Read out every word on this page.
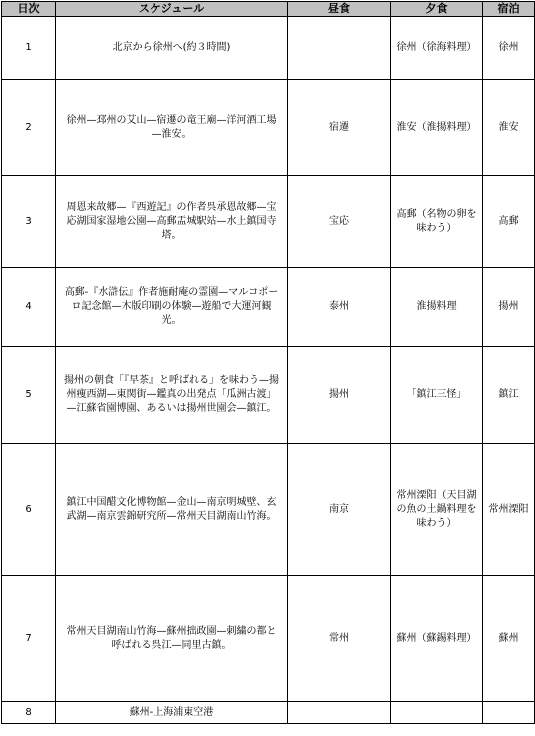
日次	スケジュール	昼食	夕食	宿泊
1	北京から徐州へ(約３時間)		徐州（徐海料理）	徐州
2	徐州—邳州の艾山—宿遷の竜王廟—洋河酒工場—淮安。	宿遷	淮安（淮揚料理）	淮安
3	周恩来故郷—『西遊記』の作者呉承恩故郷—宝応湖国家湿地公園—高郵盂城駅站—水上鎮国寺塔。	宝応	高郵（名物の卵を味わう）	高郵
4	高郵-『水滸伝』作者施耐庵の霊園—マルコポーロ記念館—木版印刷の体験—遊船で大運河観光。	泰州	淮揚料理	揚州
5	揚州の朝食「『早茶』と呼ばれる」を味わう—揚州痩西湖—東関街—鑑真の出発点「瓜洲古渡」—江蘇省園博園、あるいは揚州世園会—鎮江。	揚州	「鎮江三怪」	鎮江
6	鎮江中国醋文化博物館—金山—南京明城壁、玄武湖—南京雲錦研究所—常州天目湖南山竹海。	南京	常州溧阳（天目湖の魚の土鍋料理を味わう）	常州溧阳
7	常州天目湖南山竹海—蘇州拙政園—刺繍の都と呼ばれる呉江—同里古鎮。	常州	蘇州（蘇錫料理）	蘇州
8	蘇州-上海浦東空港			
